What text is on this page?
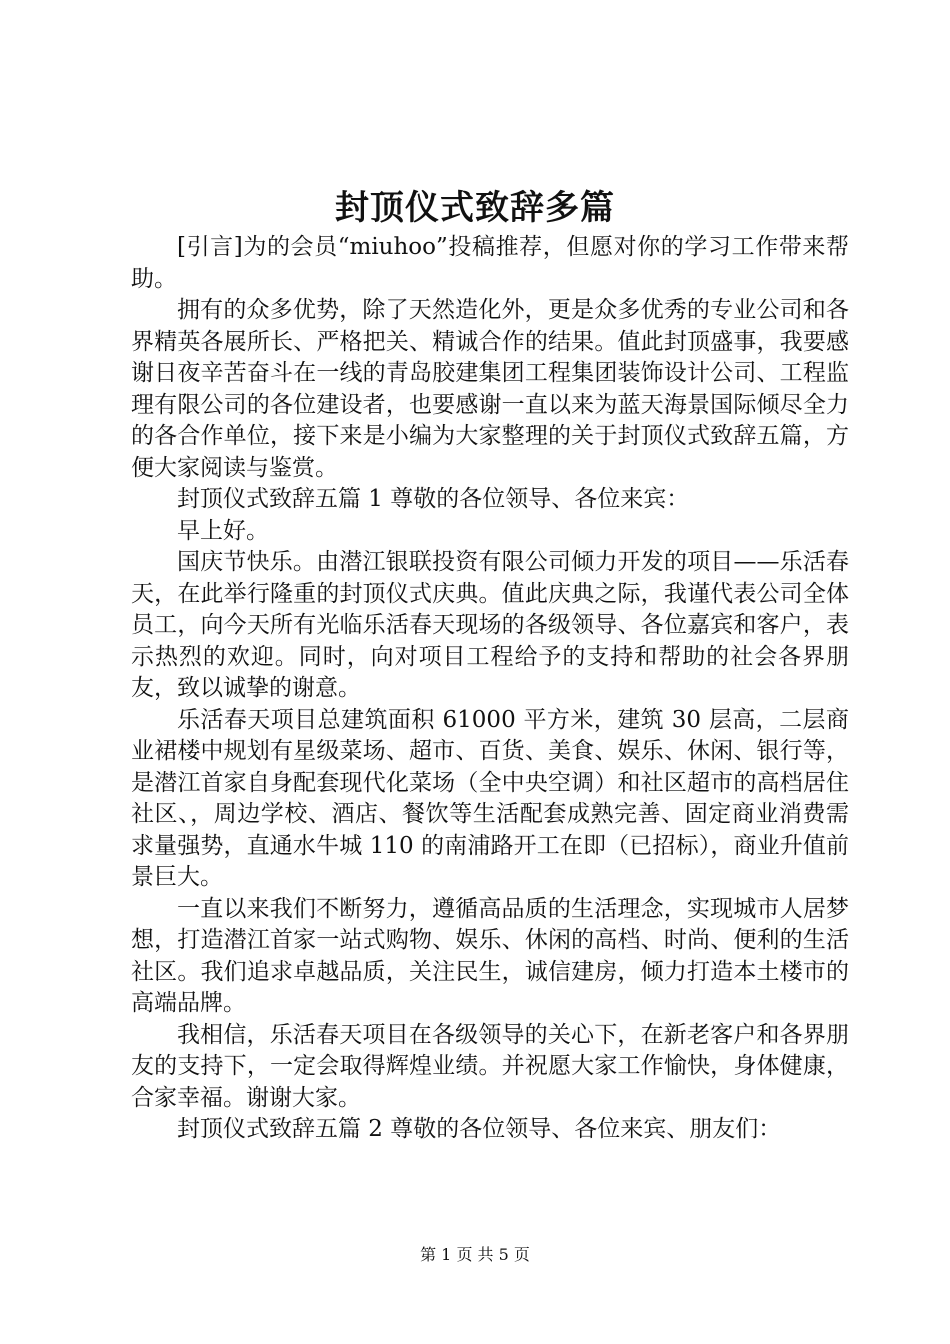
封顶仪式致辞多篇

[引言]为的会员“miuhoo”投稿推荐，但愿对你的学习工作带来帮助。

拥有的众多优势，除了天然造化外，更是众多优秀的专业公司和各界精英各展所长、严格把关、精诚合作的结果。值此封顶盛事，我要感谢日夜辛苦奋斗在一线的青岛胶建集团工程集团装饰设计公司、工程监理有限公司的各位建设者，也要感谢一直以来为蓝天海景国际倾尽全力的各合作单位，接下来是小编为大家整理的关于封顶仪式致辞五篇，方便大家阅读与鉴赏。

封顶仪式致辞五篇 1 尊敬的各位领导、各位来宾：

早上好。

国庆节快乐。由潜江银联投资有限公司倾力开发的项目——乐活春天，在此举行隆重的封顶仪式庆典。值此庆典之际，我谨代表公司全体员工，向今天所有光临乐活春天现场的各级领导、各位嘉宾和客户，表示热烈的欢迎。同时，向对项目工程给予的支持和帮助的社会各界朋友，致以诚挚的谢意。

乐活春天项目总建筑面积 61000 平方米，建筑 30 层高，二层商业裙楼中规划有星级菜场、超市、百货、美食、娱乐、休闲、银行等，是潜江首家自身配套现代化菜场（全中央空调）和社区超市的高档居住社区、，周边学校、酒店、餐饮等生活配套成熟完善、固定商业消费需求量强势，直通水牛城 110 的南浦路开工在即（已招标），商业升值前景巨大。

一直以来我们不断努力，遵循高品质的生活理念，实现城市人居梦想，打造潜江首家一站式购物、娱乐、休闲的高档、时尚、便利的生活社区。我们追求卓越品质，关注民生，诚信建房，倾力打造本土楼市的高端品牌。

我相信，乐活春天项目在各级领导的关心下，在新老客户和各界朋友的支持下，一定会取得辉煌业绩。并祝愿大家工作愉快，身体健康，合家幸福。谢谢大家。

封顶仪式致辞五篇 2 尊敬的各位领导、各位来宾、朋友们：

第 1 页 共 5 页
